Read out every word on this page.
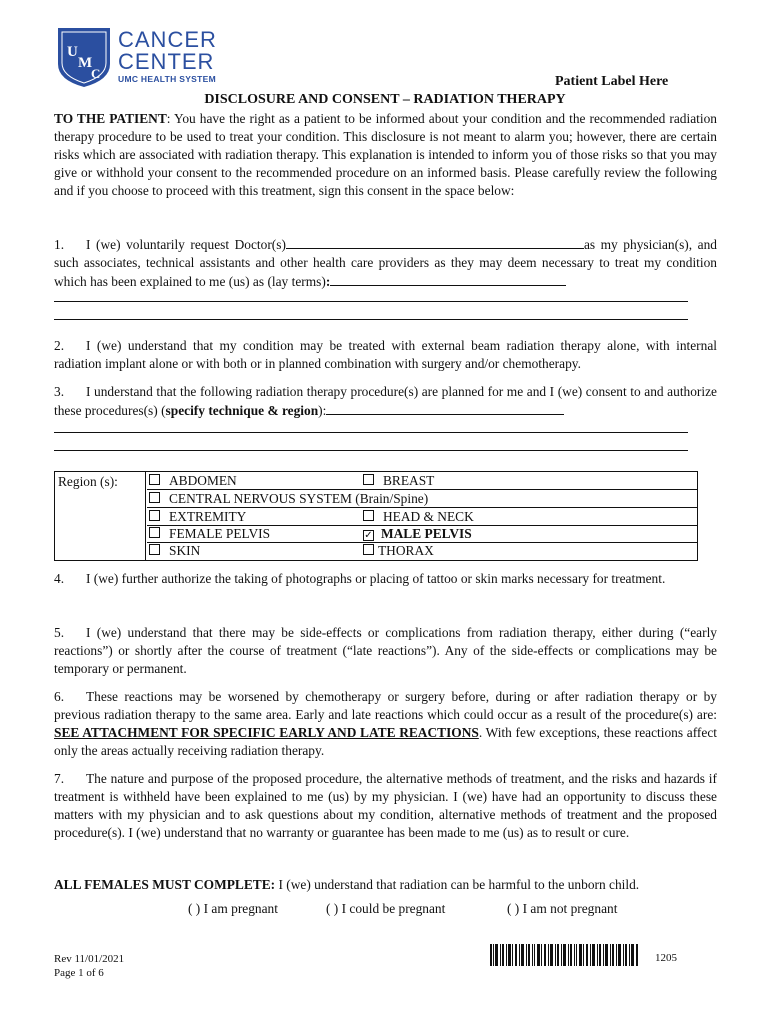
U
M
C
CANCER
CENTER
UMC HEALTH SYSTEM	Patient Label Here
DISCLOSURE AND CONSENT – RADIATION THERAPY
TO THE PATIENT: You have the right as a patient to be informed about your condition and the recommended radiation therapy procedure to be used to treat your condition. This disclosure is not meant to alarm you; however, there are certain risks which are associated with radiation therapy. This explanation is intended to inform you of those risks so that you may give or withhold your consent to the recommended procedure on an informed basis. Please carefully review the following and if you choose to proceed with this treatment, sign this consent in the space below:
1. I (we) voluntarily request Doctor(s)	as my physician(s), and such associates, technical assistants and other health care providers as they may deem necessary to treat my condition which has been explained to me (us) as (lay terms):
2. I (we) understand that my condition may be treated with external beam radiation therapy alone, with internal radiation implant alone or with both or in planned combination with surgery and/or chemotherapy.
3. I understand that the following radiation therapy procedure(s) are planned for me and I (we) consent to and authorize these procedures(s) (specify technique & region):
Region (s):	ABDOMEN	BREAST
CENTRAL NERVOUS SYSTEM (Brain/Spine)
EXTREMITY	HEAD & NECK
FEMALE PELVIS	✓ MALE PELVIS
SKIN	THORAX
4. I (we) further authorize the taking of photographs or placing of tattoo or skin marks necessary for treatment.
5. I (we) understand that there may be side-effects or complications from radiation therapy, either during (“early reactions”) or shortly after the course of treatment (“late reactions”). Any of the side-effects or complications may be temporary or permanent.
6. These reactions may be worsened by chemotherapy or surgery before, during or after radiation therapy or by previous radiation therapy to the same area. Early and late reactions which could occur as a result of the procedure(s) are: SEE ATTACHMENT FOR SPECIFIC EARLY AND LATE REACTIONS. With few exceptions, these reactions affect only the areas actually receiving radiation therapy.
7. The nature and purpose of the proposed procedure, the alternative methods of treatment, and the risks and hazards if treatment is withheld have been explained to me (us) by my physician. I (we) have had an opportunity to discuss these matters with my physician and to ask questions about my condition, alternative methods of treatment and the proposed procedure(s). I (we) understand that no warranty or guarantee has been made to me (us) as to result or cure.
ALL FEMALES MUST COMPLETE: I (we) understand that radiation can be harmful to the unborn child.
( ) I am pregnant	( ) I could be pregnant	( ) I am not pregnant
Rev 11/01/2021
Page 1 of 6
1205
